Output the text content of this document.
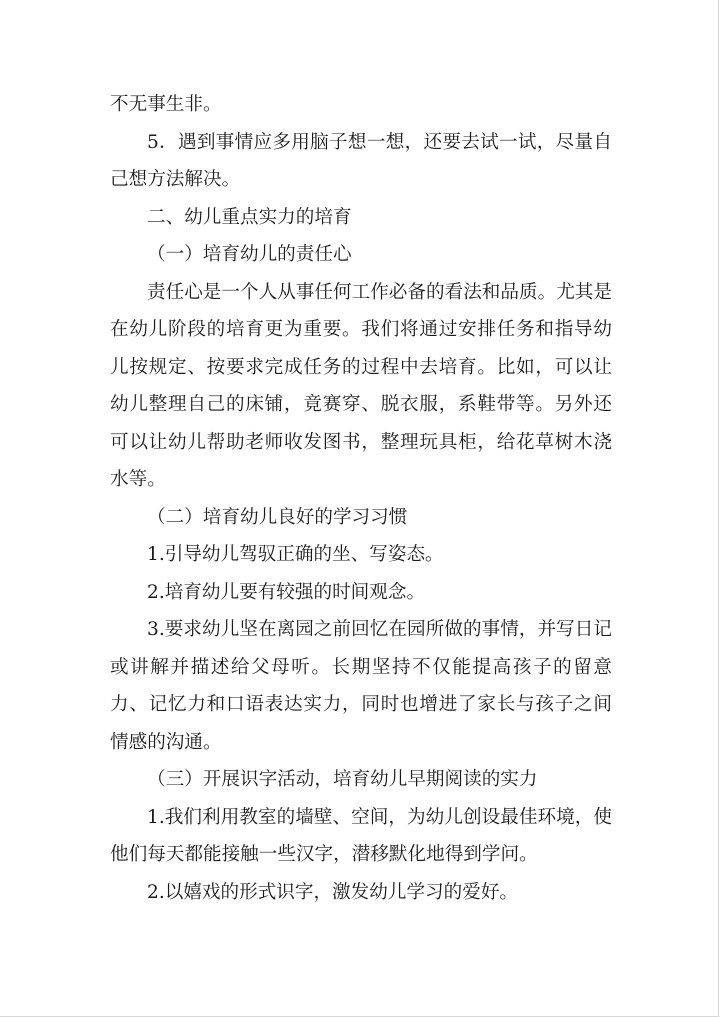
不无事生非。

5．遇到事情应多用脑子想一想，还要去试一试，尽量自己想方法解决。

二、幼儿重点实力的培育

（一）培育幼儿的责任心

责任心是一个人从事任何工作必备的看法和品质。尤其是在幼儿阶段的培育更为重要。我们将通过安排任务和指导幼儿按规定、按要求完成任务的过程中去培育。比如，可以让幼儿整理自己的床铺，竟赛穿、脱衣服，系鞋带等。另外还可以让幼儿帮助老师收发图书，整理玩具柜，给花草树木浇水等。

（二）培育幼儿良好的学习习惯

1.引导幼儿驾驭正确的坐、写姿态。

2.培育幼儿要有较强的时间观念。

3.要求幼儿坚在离园之前回忆在园所做的事情，并写日记或讲解并描述给父母听。长期坚持不仅能提高孩子的留意力、记忆力和口语表达实力，同时也增进了家长与孩子之间情感的沟通。

（三）开展识字活动，培育幼儿早期阅读的实力

1.我们利用教室的墙壁、空间，为幼儿创设最佳环境，使他们每天都能接触一些汉字，潜移默化地得到学问。

2.以嬉戏的形式识字，激发幼儿学习的爱好。
